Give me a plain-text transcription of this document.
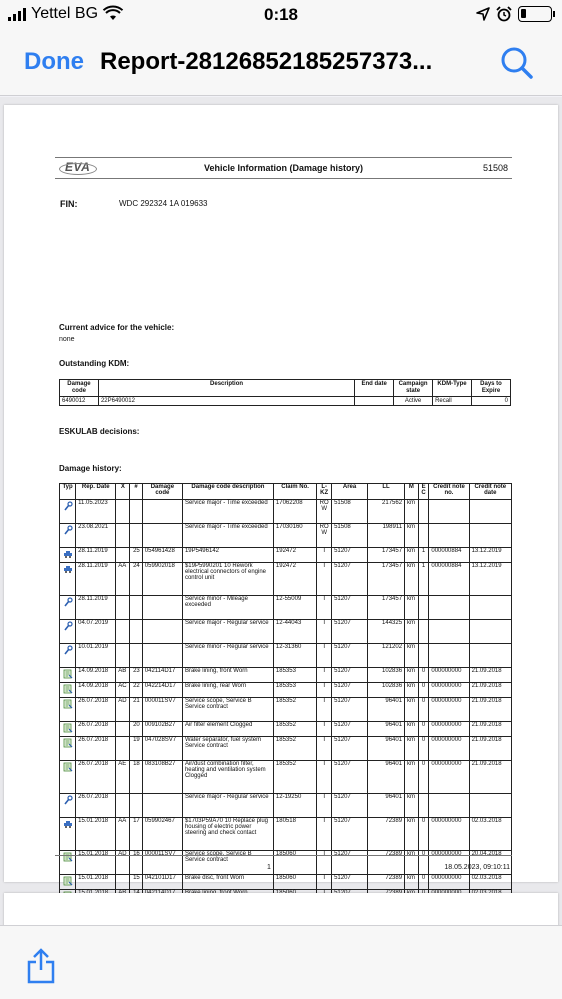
Yettel BG	0:18
Done Report-28126852185257373...
EVA	Vehicle Information (Damage history)	51508
FIN:	WDC 292324 1A 019633
Current advice for the vehicle:
none
Outstanding KDM:
Damage code	Description	End date	Campaign state	KDM-Type	Days to Expire
6490012	22P6490012		Active	Recall	0
ESKULAB decisions:
Damage history:
Typ	Rep. Date	X	#	Damage code	Damage code description	Claim No.	L-KZ	Area	LL	M	E C	Credit note no.	Credit note date
	11.05.2023				Service major - Time exceeded	17062208	RO W	51508	217562	km			
	23.08.2021				Service major - Time exceeded	17030160	RO W	51508	198911	km			
	28.11.2019		25	054961428	19P5496142	192472	I	51207	173457	km	1	000000884	13.12.2019
	28.11.2019	AA	24	059902018	$19P5990201 10 Rework electrical connectors of engine control unit	192472	I	51207	173457	km	1	000000884	13.12.2019
	28.11.2019				Service minor - Mileage exceeded	12-55009	I	51207	173457	km			
	04.07.2019				Service major - Regular service	12-44043	I	51207	144325	km			
	10.01.2019				Service minor - Regular service	12-31360	I	51207	121202	km			
	14.09.2018	AB	23	042114D17	Brake lining, front Worn	185353	I	51207	102836	km	0	000000000	21.09.2018
	14.09.2018	AC	22	042214D17	Brake lining, rear Worn	185353	I	51207	102836	km	0	000000000	21.09.2018
	26.07.2018	AD	21	000011SV7	Service scope, Service B Service contract	185352	I	51207	96401	km	0	000000000	21.09.2018
	26.07.2018		20	009102B27	Air filter element Clogged	185352	I	51207	96401	km	0	000000000	21.09.2018
	26.07.2018		19	047028SV7	Water separator, fuel system Service contract	185352	I	51207	96401	km	0	000000000	21.09.2018
	26.07.2018	AE	18	083108B27	Air/dust combination filter, heating and ventilation system Clogged	185352	I	51207	96401	km	0	000000000	21.09.2018
	26.07.2018				Service major - Regular service	12-19250	I	51207	96401	km			
	15.01.2018	AA	17	059902467	$1703P59A70 10 Replace plug housing of electric power steering and check contact	180518	I	51207	72389	km	0	000000000	02.03.2018
	15.01.2018	AD	16	000011SV7	Service scope, Service B Service contract	185060	I	51207	72389	km	0	000000000	20.04.2018
	15.01.2018		15	042101D17	Brake disc, front Worn	185060	I	51207	72389	km	0	000000000	02.03.2018

1	18.05.2023, 09:10:11
